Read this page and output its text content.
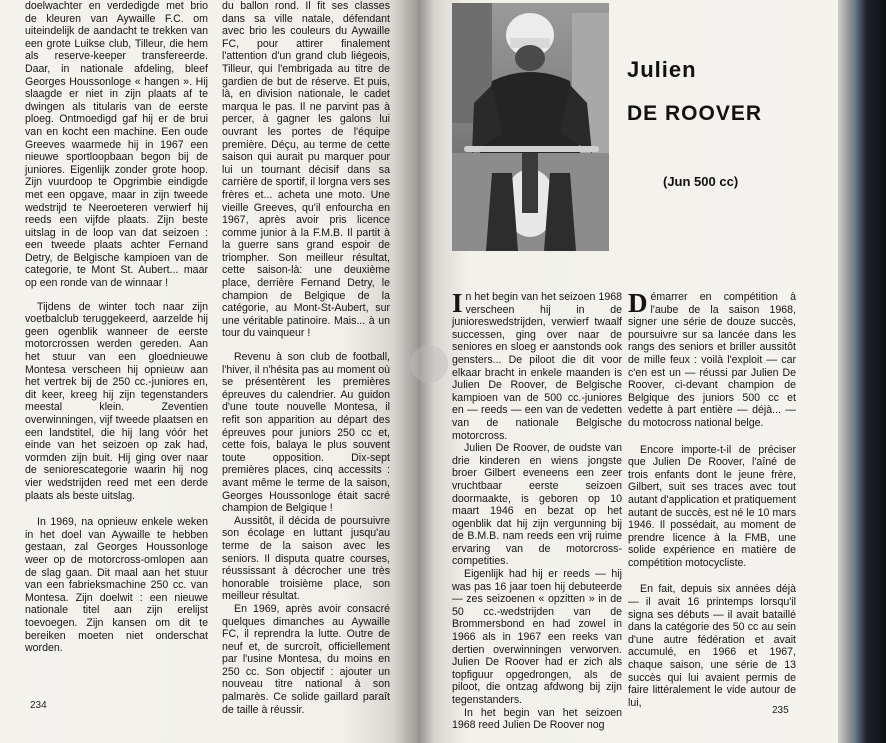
doelwachter en verdedigde met brio de kleuren van Aywaille F.C. om uiteindelijk de aandacht te trekken van een grote Luikse club, Tilleur, die hem als reserve-keeper transfereerde. Daar, in nationale afdeling, bleef Georges Houssonloge « hangen ». Hij slaagde er niet in zijn plaats af te dwingen als titularis van de eerste ploeg. Ontmoedigd gaf hij er de brui van en kocht een machine. Een oude Greeves waarmede hij in 1967 een nieuwe sportloopbaan begon bij de juniores. Eigenlijk zonder grote hoop. Zijn vuurdoop te Opgrimbie eindigde met een opgave, maar in zijn tweede wedstrijd te Neeroeteren verwierf hij reeds een vijfde plaats. Zijn beste uitslag in de loop van dat seizoen : een tweede plaats achter Fernand Detry, de Belgische kampioen van de categorie, te Mont St. Aubert... maar op een ronde van de winnaar !

Tijdens de winter toch naar zijn voetbalclub teruggekeerd, aarzelde hij geen ogenblik wanneer de eerste motorcrossen werden gereden. Aan het stuur van een gloednieuwe Montesa verscheen hij opnieuw aan het vertrek bij de 250 cc.-juniores en, dit keer, kreeg hij zijn tegenstanders meestal klein. Zeventien overwinningen, vijf tweede plaatsen en een landstitel, die hij lang vóór het einde van het seizoen op zak had, vormden zijn buit. Hij ging over naar de seniorescategorie waarin hij nog vier wedstrijden reed met een derde plaats als beste uitslag.

In 1969, na opnieuw enkele weken in het doel van Aywaille te hebben gestaan, zal Georges Houssonloge weer op de motorcross-omlopen aan de slag gaan. Dit maal aan het stuur van een fabrieksmachine 250 cc. van Montesa. Zijn doelwit : een nieuwe nationale titel aan zijn erelijst toevoegen. Zijn kansen om dit te bereiken moeten niet onderschat worden.

du ballon rond. Il fit ses classes dans sa ville natale, défendant avec brio les couleurs du Aywaille FC, pour attirer finalement l'attention d'un grand club liégeois, Tilleur, qui l'embrigada au titre de gardien de but de réserve. Et puis, là, en division nationale, le cadet marqua le pas. Il ne parvint pas à percer, à gagner les galons lui ouvrant les portes de l'équipe première. Déçu, au terme de cette saison qui aurait pu marquer pour lui un tournant décisif dans sa carrière de sportif, il lorgna vers ses frères et... acheta une moto. Une vieille Greeves, qu'il enfourcha en 1967, après avoir pris licence comme junior à la F.M.B. Il partit à la guerre sans grand espoir de triompher. Son meilleur résultat, cette saison-là: une deuxième place, derrière Fernand Detry, le champion de Belgique de la catégorie, au Mont-St-Aubert, sur une véritable patinoire. Mais... à un tour du vainqueur !

Revenu à son club de football, l'hiver, il n'hésita pas au moment où se présentèrent les premières épreuves du calendrier. Au guidon d'une toute nouvelle Montesa, il refit son apparition au départ des épreuves pour juniors 250 cc et, cette fois, balaya le plus souvent toute opposition. Dix-sept premières places, cinq accessits : avant même le terme de la saison, Georges Houssonloge était sacré champion de Belgique !

Aussitôt, il décida de poursuivre son écolage en luttant jusqu'au terme de la saison avec les seniors. Il disputa quatre courses, réussissant à décrocher une très honorable troisième place, son meilleur résultat.

En 1969, après avoir consacré quelques dimanches au Aywaille FC, il reprendra la lutte. Outre de neuf et, de surcroît, officiellement par l'usine Montesa, du moins en 250 cc. Son objectif : ajouter un nouveau titre national à son palmarès. Ce solide gaillard paraît de taille à réussir.

234
Julien
DE ROOVER
(Jun 500 cc)

In het begin van het seizoen 1968 verscheen hij in de junioreswedstrijden, verwierf twaalf successen, ging over naar de seniores en sloeg er aanstonds ook gensters... De piloot die dit voor elkaar bracht in enkele maanden is Julien De Roover, de Belgische kampioen van de 500 cc.-juniores en — reeds — een van de vedetten van de nationale Belgische motorcross.

Julien De Roover, de oudste van drie kinderen en wiens jongste broer Gilbert eveneens een zeer vruchtbaar eerste seizoen doormaakte, is geboren op 10 maart 1946 en bezat op het ogenblik dat hij zijn vergunning bij de B.M.B. nam reeds een vrij ruime ervaring van de motorcross-competities.

Eigenlijk had hij er reeds — hij was pas 16 jaar toen hij debuteerde — zes seizoenen « opzitten » in de 50 cc.-wedstrijden van de Brommersbond en had zowel in 1966 als in 1967 een reeks van dertien overwinningen verworven. Julien De Roover had er zich als topfiguur opgedrongen, als de piloot, die ontzag afdwong bij zijn tegenstanders.

In het begin van het seizoen 1968 reed Julien De Roover nog

Démarrer en compétition à l'aube de la saison 1968, signer une série de douze succès, poursuivre sur sa lancée dans les rangs des seniors et briller aussitôt de mille feux : voilà l'exploit — car c'en est un — réussi par Julien De Roover, ci-devant champion de Belgique des juniors 500 cc et vedette à part entière — déjà... — du motocross national belge.

Encore importe-t-il de préciser que Julien De Roover, l'aîné de trois enfants dont le jeune frère, Gilbert, suit ses traces avec tout autant d'application et pratiquement autant de succès, est né le 10 mars 1946. Il possédait, au moment de prendre licence à la FMB, une solide expérience en matière de compétition motocycliste.

En fait, depuis six années déjà — il avait 16 printemps lorsqu'il signa ses débuts — il avait bataillé dans la catégorie des 50 cc au sein d'une autre fédération et avait accumulé, en 1966 et 1967, chaque saison, une série de 13 succès qui lui avaient permis de faire littéralement le vide autour de lui,

235
